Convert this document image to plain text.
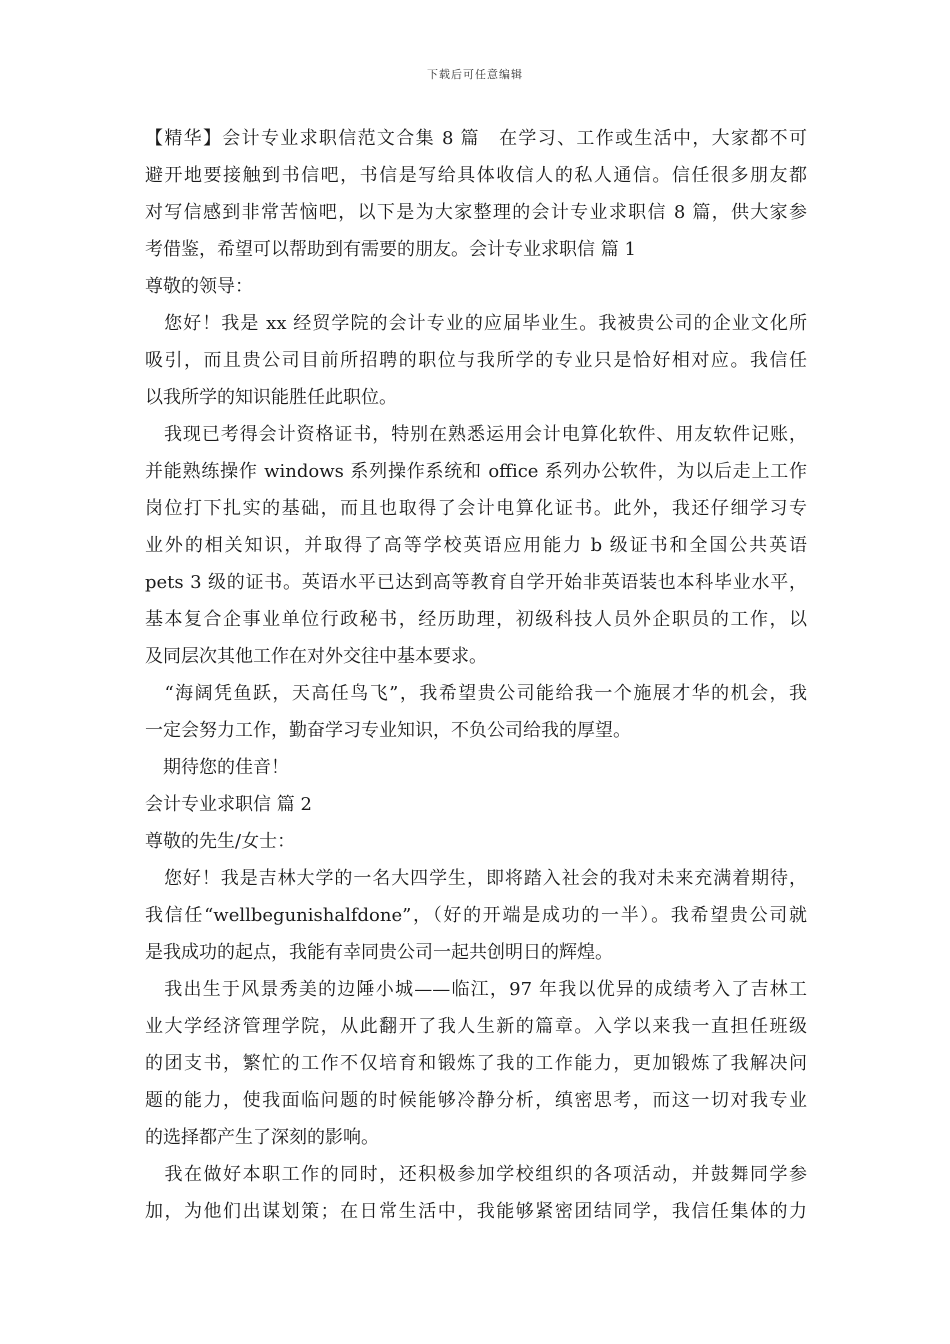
下载后可任意编辑
【精华】会计专业求职信范文合集 8 篇　在学习、工作或生活中，大家都不可
避开地要接触到书信吧，书信是写给具体收信人的私人通信。信任很多朋友都
对写信感到非常苦恼吧，以下是为大家整理的会计专业求职信 8 篇，供大家参
考借鉴，希望可以帮助到有需要的朋友。会计专业求职信 篇 1
尊敬的领导：
　您好！我是 xx 经贸学院的会计专业的应届毕业生。我被贵公司的企业文化所
吸引，而且贵公司目前所招聘的职位与我所学的专业只是恰好相对应。我信任
以我所学的知识能胜任此职位。
　我现已考得会计资格证书，特别在熟悉运用会计电算化软件、用友软件记账，
并能熟练操作 windows 系列操作系统和 office 系列办公软件，为以后走上工作
岗位打下扎实的基础，而且也取得了会计电算化证书。此外，我还仔细学习专
业外的相关知识，并取得了高等学校英语应用能力 b 级证书和全国公共英语
pets 3 级的证书。英语水平已达到高等教育自学开始非英语装也本科毕业水平，
基本复合企事业单位行政秘书，经历助理，初级科技人员外企职员的工作，以
及同层次其他工作在对外交往中基本要求。
　“海阔凭鱼跃，天高任鸟飞”，我希望贵公司能给我一个施展才华的机会，我
一定会努力工作，勤奋学习专业知识，不负公司给我的厚望。
　期待您的佳音！
会计专业求职信 篇 2
尊敬的先生/女士：
　您好！我是吉林大学的一名大四学生，即将踏入社会的我对未来充满着期待，
我信任“wellbegunishalfdone”，（好的开端是成功的一半）。我希望贵公司就
是我成功的起点，我能有幸同贵公司一起共创明日的辉煌。
　我出生于风景秀美的边陲小城——临江，97 年我以优异的成绩考入了吉林工
业大学经济管理学院，从此翻开了我人生新的篇章。入学以来我一直担任班级
的团支书，繁忙的工作不仅培育和锻炼了我的工作能力，更加锻炼了我解决问
题的能力，使我面临问题的时候能够冷静分析，缜密思考，而这一切对我专业
的选择都产生了深刻的影响。
　我在做好本职工作的同时，还积极参加学校组织的各项活动，并鼓舞同学参
加，为他们出谋划策；在日常生活中，我能够紧密团结同学，我信任集体的力
